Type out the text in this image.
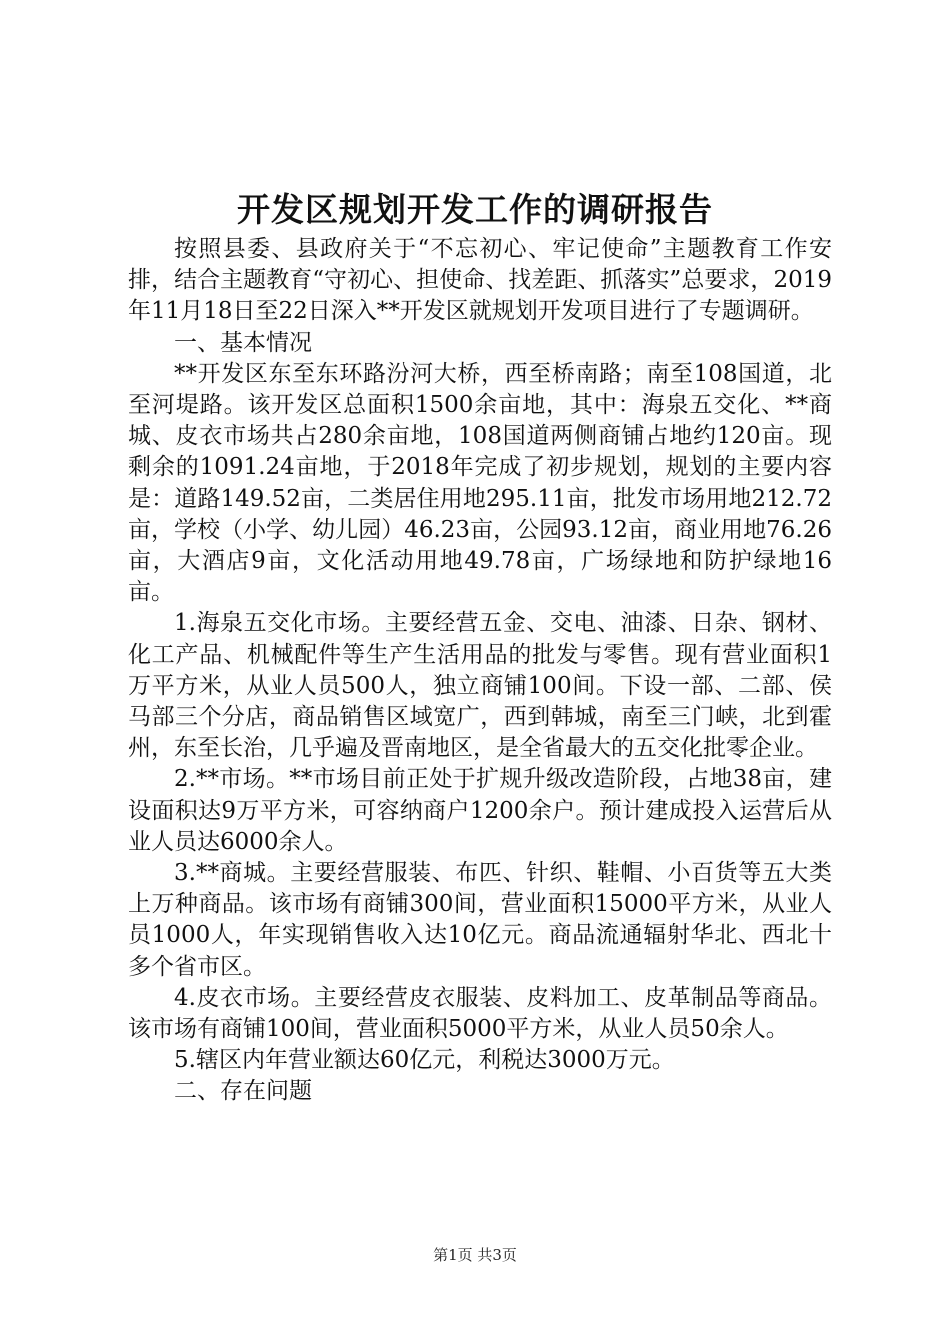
开发区规划开发工作的调研报告

按照县委、县政府关于“不忘初心、牢记使命”主题教育工作安排，结合主题教育“守初心、担使命、找差距、抓落实”总要求，2019年11月18日至22日深入**开发区就规划开发项目进行了专题调研。

一、基本情况

**开发区东至东环路汾河大桥，西至桥南路；南至108国道，北至河堤路。该开发区总面积1500余亩地，其中：海泉五交化、**商城、皮衣市场共占280余亩地，108国道两侧商铺占地约120亩。现剩余的1091.24亩地，于2018年完成了初步规划，规划的主要内容是：道路149.52亩，二类居住用地295.11亩，批发市场用地212.72亩，学校（小学、幼儿园）46.23亩，公园93.12亩，商业用地76.26亩，大酒店9亩，文化活动用地49.78亩，广场绿地和防护绿地16亩。

1.海泉五交化市场。主要经营五金、交电、油漆、日杂、钢材、化工产品、机械配件等生产生活用品的批发与零售。现有营业面积1万平方米，从业人员500人，独立商铺100间。下设一部、二部、侯马部三个分店，商品销售区域宽广，西到韩城，南至三门峡，北到霍州，东至长治，几乎遍及晋南地区，是全省最大的五交化批零企业。

2.**市场。**市场目前正处于扩规升级改造阶段，占地38亩，建设面积达9万平方米，可容纳商户1200余户。预计建成投入运营后从业人员达6000余人。

3.**商城。主要经营服装、布匹、针织、鞋帽、小百货等五大类上万种商品。该市场有商铺300间，营业面积15000平方米，从业人员1000人，年实现销售收入达10亿元。商品流通辐射华北、西北十多个省市区。

4.皮衣市场。主要经营皮衣服装、皮料加工、皮革制品等商品。该市场有商铺100间，营业面积5000平方米，从业人员50余人。

5.辖区内年营业额达60亿元，利税达3000万元。

二、存在问题

第1页 共3页
